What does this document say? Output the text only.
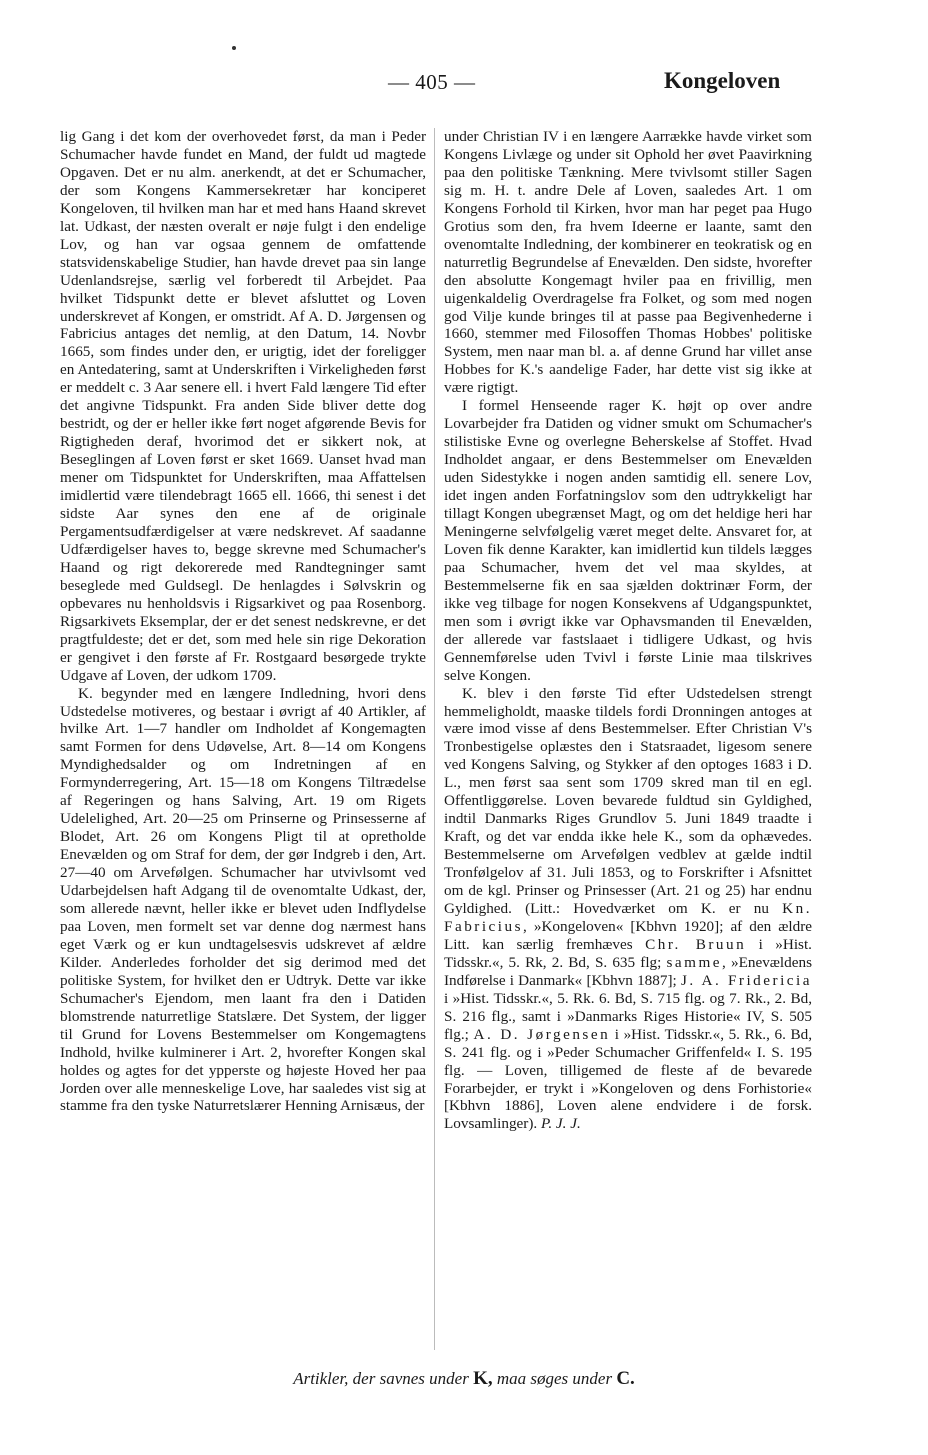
— 405 —	Kongeloven

lig Gang i det kom der overhovedet først, da man i Peder Schumacher havde fundet en Mand, der fuldt ud magtede Opgaven. Det er nu alm. anerkendt, at det er Schumacher, der som Kongens Kammersekretær har konciperet Kongeloven, til hvilken man har et med hans Haand skrevet lat. Udkast, der næsten overalt er nøje fulgt i den endelige Lov, og han var ogsaa gennem de omfattende statsvidenskabelige Studier, han havde drevet paa sin lange Udenlandsrejse, særlig vel forberedt til Arbejdet. Paa hvilket Tidspunkt dette er blevet afsluttet og Loven underskrevet af Kongen, er omstridt. Af A. D. Jørgensen og Fabricius antages det nemlig, at den Datum, 14. Novbr 1665, som findes under den, er urigtig, idet der foreligger en Antedatering, samt at Underskriften i Virkeligheden først er meddelt c. 3 Aar senere ell. i hvert Fald længere Tid efter det angivne Tidspunkt. Fra anden Side bliver dette dog bestridt, og der er heller ikke ført noget afgørende Bevis for Rigtigheden deraf, hvorimod det er sikkert nok, at Beseglingen af Loven først er sket 1669. Uanset hvad man mener om Tidspunktet for Underskriften, maa Affattelsen imidlertid være tilendebragt 1665 ell. 1666, thi senest i det sidste Aar synes den ene af de originale Pergamentsudfærdigelser at være nedskrevet. Af saadanne Udfærdigelser haves to, begge skrevne med Schumacher's Haand og rigt dekorerede med Randtegninger samt beseglede med Guldsegl. De henlagdes i Sølvskrin og opbevares nu henholdsvis i Rigsarkivet og paa Rosenborg. Rigsarkivets Eksemplar, der er det senest nedskrevne, er det pragtfuldeste; det er det, som med hele sin rige Dekoration er gengivet i den første af Fr. Rostgaard besørgede trykte Udgave af Loven, der udkom 1709.

K. begynder med en længere Indledning, hvori dens Udstedelse motiveres, og bestaar i øvrigt af 40 Artikler, af hvilke Art. 1—7 handler om Indholdet af Kongemagten samt Formen for dens Udøvelse, Art. 8—14 om Kongens Myndighedsalder og om Indretningen af en Formynderregering, Art. 15—18 om Kongens Tiltrædelse af Regeringen og hans Salving, Art. 19 om Rigets Udelelighed, Art. 20—25 om Prinserne og Prinsesserne af Blodet, Art. 26 om Kongens Pligt til at opretholde Enevælden og om Straf for dem, der gør Indgreb i den, Art. 27—40 om Arvefølgen. Schumacher har utvivlsomt ved Udarbejdelsen haft Adgang til de ovenomtalte Udkast, der, som allerede nævnt, heller ikke er blevet uden Indflydelse paa Loven, men formelt set var denne dog nærmest hans eget Værk og er kun undtagelsesvis udskrevet af ældre Kilder. Anderledes forholder det sig derimod med det politiske System, for hvilket den er Udtryk. Dette var ikke Schumacher's Ejendom, men laant fra den i Datiden blomstrende naturretlige Statslære. Det System, der ligger til Grund for Lovens Bestemmelser om Kongemagtens Indhold, hvilke kulminerer i Art. 2, hvorefter Kongen skal holdes og agtes for det ypperste og højeste Hoved her paa Jorden over alle menneskelige Love, har saaledes vist sig at stamme fra den tyske Naturretslærer Henning Arnisæus, der

under Christian IV i en længere Aarrække havde virket som Kongens Livlæge og under sit Ophold her øvet Paavirkning paa den politiske Tænkning. Mere tvivlsomt stiller Sagen sig m. H. t. andre Dele af Loven, saaledes Art. 1 om Kongens Forhold til Kirken, hvor man har peget paa Hugo Grotius som den, fra hvem Ideerne er laante, samt den ovenomtalte Indledning, der kombinerer en teokratisk og en naturretlig Begrundelse af Enevælden. Den sidste, hvorefter den absolutte Kongemagt hviler paa en frivillig, men uigenkaldelig Overdragelse fra Folket, og som med nogen god Vilje kunde bringes til at passe paa Begivenhederne i 1660, stemmer med Filosoffen Thomas Hobbes' politiske System, men naar man bl. a. af denne Grund har villet anse Hobbes for K.'s aandelige Fader, har dette vist sig ikke at være rigtigt.

I formel Henseende rager K. højt op over andre Lovarbejder fra Datiden og vidner smukt om Schumacher's stilistiske Evne og overlegne Beherskelse af Stoffet. Hvad Indholdet angaar, er dens Bestemmelser om Enevælden uden Sidestykke i nogen anden samtidig ell. senere Lov, idet ingen anden Forfatningslov som den udtrykkeligt har tillagt Kongen ubegrænset Magt, og om det heldige heri har Meningerne selvfølgelig været meget delte. Ansvaret for, at Loven fik denne Karakter, kan imidlertid kun tildels lægges paa Schumacher, hvem det vel maa skyldes, at Bestemmelserne fik en saa sjælden doktrinær Form, der ikke veg tilbage for nogen Konsekvens af Udgangspunktet, men som i øvrigt ikke var Ophavsmanden til Enevælden, der allerede var fastslaaet i tidligere Udkast, og hvis Gennemførelse uden Tvivl i første Linie maa tilskrives selve Kongen.

K. blev i den første Tid efter Udstedelsen strengt hemmeligholdt, maaske tildels fordi Dronningen antoges at være imod visse af dens Bestemmelser. Efter Christian V's Tronbestigelse oplæstes den i Statsraadet, ligesom senere ved Kongens Salving, og Stykker af den optoges 1683 i D. L., men først saa sent som 1709 skred man til en egl. Offentliggørelse. Loven bevarede fuldtud sin Gyldighed, indtil Danmarks Riges Grundlov 5. Juni 1849 traadte i Kraft, og det var endda ikke hele K., som da ophævedes. Bestemmelserne om Arvefølgen vedblev at gælde indtil Tronfølgelov af 31. Juli 1853, og to Forskrifter i Afsnittet om de kgl. Prinser og Prinsesser (Art. 21 og 25) har endnu Gyldighed. (Litt.: Hovedværket om K. er nu Kn. Fabricius, »Kongeloven« [Kbhvn 1920]; af den ældre Litt. kan særlig fremhæves Chr. Bruun i »Hist. Tidsskr.«, 5. Rk, 2. Bd, S. 635 flg; samme, »Enevældens Indførelse i Danmark« [Kbhvn 1887]; J. A. Fridericia i »Hist. Tidsskr.«, 5. Rk. 6. Bd, S. 715 flg. og 7. Rk., 2. Bd, S. 216 flg., samt i »Danmarks Riges Historie« IV, S. 505 flg.; A. D. Jørgensen i »Hist. Tidsskr.«, 5. Rk., 6. Bd, S. 241 flg. og i »Peder Schumacher Griffenfeld« I. S. 195 flg. — Loven, tilligemed de fleste af de bevarede Forarbejder, er trykt i »Kongeloven og dens Forhistorie« [Kbhvn 1886], Loven alene endvidere i de forsk. Lovsamlinger). P. J. J.

Artikler, der savnes under K, maa søges under C.
